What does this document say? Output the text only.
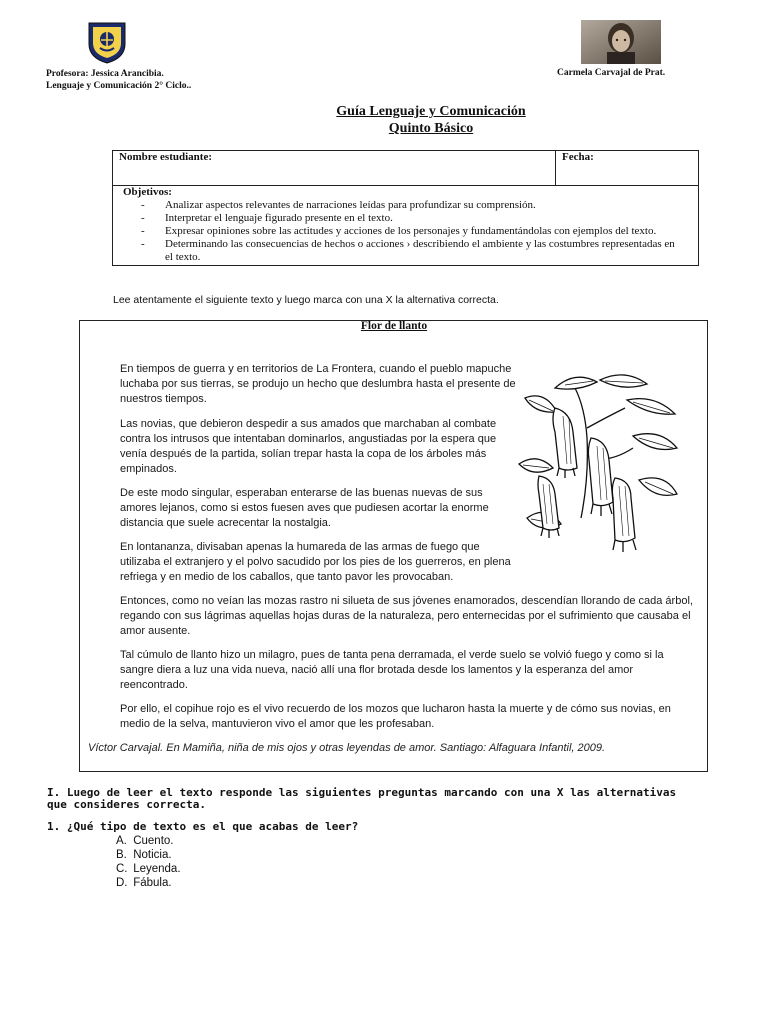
Profesora: Jessica Arancibia.
Lenguaje y Comunicación 2° Ciclo..
Carmela Carvajal de Prat.
Guía Lenguaje y Comunicación
Quinto Básico
Nombre estudiante:	Fecha:

Objetivos:
- Analizar aspectos relevantes de narraciones leídas para profundizar su comprensión.
- Interpretar el lenguaje figurado presente en el texto.
- Expresar opiniones sobre las actitudes y acciones de los personajes y fundamentándolas con ejemplos del texto.
- Determinando las consecuencias de hechos o acciones › describiendo el ambiente y las costumbres representadas en el texto.
Lee atentamente el siguiente texto y luego marca con una X la alternativa correcta.
Flor de llanto
En tiempos de guerra y en territorios de La Frontera, cuando el pueblo mapuche luchaba por sus tierras, se produjo un hecho que deslumbra hasta el presente de nuestros tiempos.
Las novias, que debieron despedir a sus amados que marchaban al combate contra los intrusos que intentaban dominarlos, angustiadas por la espera que venía después de la partida, solían trepar hasta la copa de los árboles más empinados.
De este modo singular, esperaban enterarse de las buenas nuevas de sus amores lejanos, como si estos fuesen aves que pudiesen acortar la enorme distancia que suele acrecentar la nostalgia.
En lontananza, divisaban apenas la humareda de las armas de fuego que utilizaba el extranjero y el polvo sacudido por los pies de los guerreros, en plena refriega y en medio de los caballos, que tanto pavor les provocaban.
Entonces, como no veían las mozas rastro ni silueta de sus jóvenes enamorados, descendían llorando de cada árbol, regando con sus lágrimas aquellas hojas duras de la naturaleza, pero enternecidas por el sufrimiento que causaba el amor ausente.
Tal cúmulo de llanto hizo un milagro, pues de tanta pena derramada, el verde suelo se volvió fuego y como si la sangre diera a luz una vida nueva, nació allí una flor brotada desde los lamentos y la esperanza del amor reencontrado.
Por ello, el copihue rojo es el vivo recuerdo de los mozos que lucharon hasta la muerte y de cómo sus novias, en medio de la selva, mantuvieron vivo el amor que les profesaban.
Víctor Carvajal. En Mamiña, niña de mis ojos y otras leyendas de amor. Santiago: Alfaguara Infantil, 2009.
I. Luego de leer el texto responde las siguientes preguntas marcando con una X las alternativas que consideres correcta.
1. ¿Qué tipo de texto es el que acabas de leer?
A. Cuento.
B. Noticia.
C. Leyenda.
D. Fábula.
